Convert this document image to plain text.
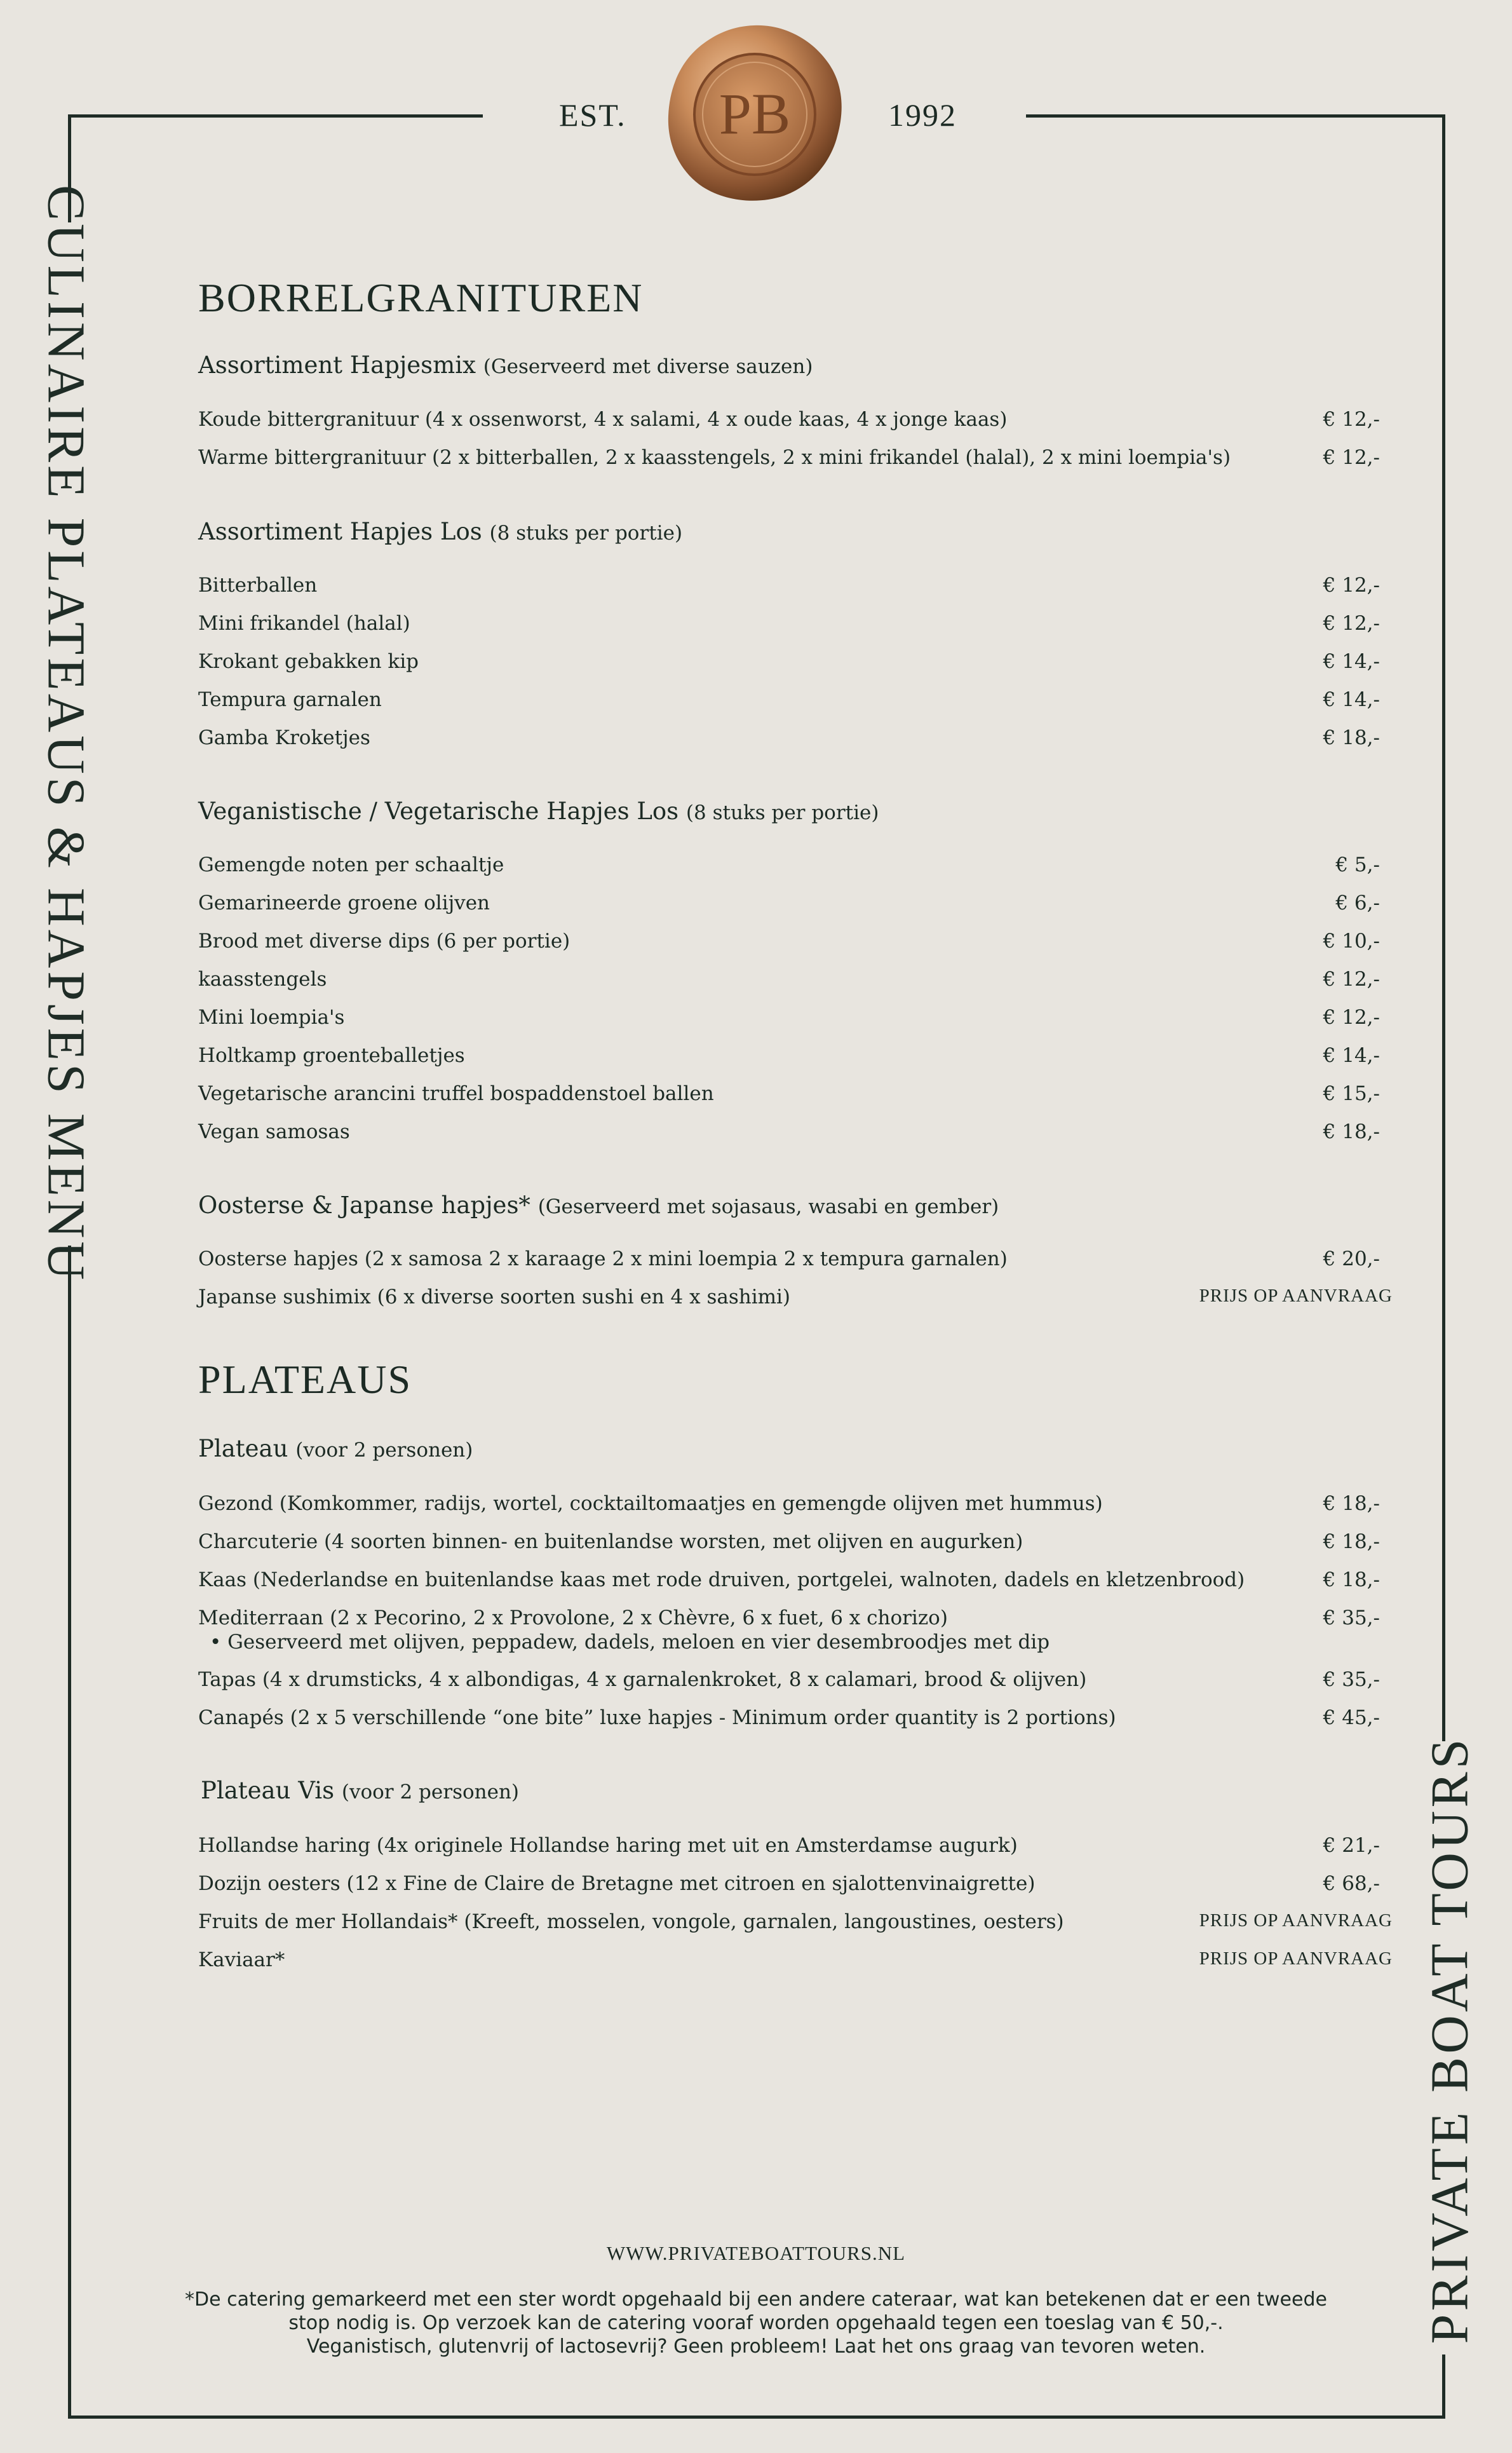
EST.	1992
PB
CULINAIRE PLATEAUS & HAPJES MENU
PRIVATE BOAT TOURS
BORRELGRANITUREN
Assortiment Hapjesmix (Geserveerd met diverse sauzen)
Koude bittergranituur (4 x ossenworst, 4 x salami, 4 x oude kaas, 4 x jonge kaas)	€ 12,-
Warme bittergranituur (2 x bitterballen, 2 x kaasstengels, 2 x mini frikandel (halal), 2 x mini loempia's)	€ 12,-
Assortiment Hapjes Los (8 stuks per portie)
Bitterballen	€ 12,-
Mini frikandel (halal)	€ 12,-
Krokant gebakken kip	€ 14,-
Tempura garnalen	€ 14,-
Gamba Kroketjes	€ 18,-
Veganistische / Vegetarische Hapjes Los (8 stuks per portie)
Gemengde noten per schaaltje	€ 5,-
Gemarineerde groene olijven	€ 6,-
Brood met diverse dips (6 per portie)	€ 10,-
kaasstengels	€ 12,-
Mini loempia's	€ 12,-
Holtkamp groenteballetjes	€ 14,-
Vegetarische arancini truffel bospaddenstoel ballen	€ 15,-
Vegan samosas	€ 18,-
Oosterse & Japanse hapjes* (Geserveerd met sojasaus, wasabi en gember)
Oosterse hapjes (2 x samosa 2 x karaage 2 x mini loempia 2 x tempura garnalen)	€ 20,-
Japanse sushimix (6 x diverse soorten sushi en 4 x sashimi)	PRIJS OP AANVRAAG
PLATEAUS
Plateau (voor 2 personen)
Gezond (Komkommer, radijs, wortel, cocktailtomaatjes en gemengde olijven met hummus)	€ 18,-
Charcuterie (4 soorten binnen- en buitenlandse worsten, met olijven en augurken)	€ 18,-
Kaas (Nederlandse en buitenlandse kaas met rode druiven, portgelei, walnoten, dadels en kletzenbrood)	€ 18,-
Mediterraan (2 x Pecorino, 2 x Provolone, 2 x Chèvre, 6 x fuet, 6 x chorizo)	€ 35,-
• Geserveerd met olijven, peppadew, dadels, meloen en vier desembroodjes met dip
Tapas (4 x drumsticks, 4 x albondigas, 4 x garnalenkroket, 8 x calamari, brood & olijven)	€ 35,-
Canapés (2 x 5 verschillende “one bite” luxe hapjes - Minimum order quantity is 2 portions)	€ 45,-
Plateau Vis (voor 2 personen)
Hollandse haring (4x originele Hollandse haring met uit en Amsterdamse augurk)	€ 21,-
Dozijn oesters (12 x Fine de Claire de Bretagne met citroen en sjalottenvinaigrette)	€ 68,-
Fruits de mer Hollandais* (Kreeft, mosselen, vongole, garnalen, langoustines, oesters)	PRIJS OP AANVRAAG
Kaviaar*	PRIJS OP AANVRAAG
WWW.PRIVATEBOATTOURS.NL
*De catering gemarkeerd met een ster wordt opgehaald bij een andere cateraar, wat kan betekenen dat er een tweede
stop nodig is. Op verzoek kan de catering vooraf worden opgehaald tegen een toeslag van € 50,-.
Veganistisch, glutenvrij of lactosevrij? Geen probleem! Laat het ons graag van tevoren weten.
